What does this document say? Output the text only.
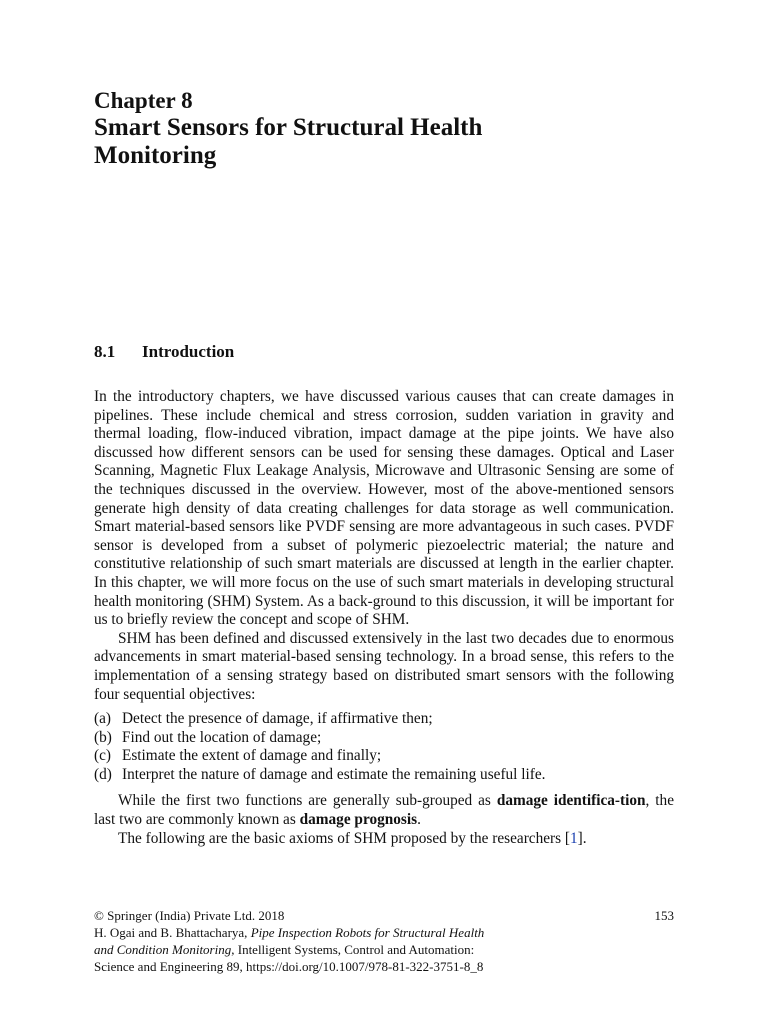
Chapter 8
Smart Sensors for Structural Health
Monitoring
8.1 Introduction

In the introductory chapters, we have discussed various causes that can create damages in pipelines. These include chemical and stress corrosion, sudden variation in gravity and thermal loading, flow-induced vibration, impact damage at the pipe joints. We have also discussed how different sensors can be used for sensing these damages. Optical and Laser Scanning, Magnetic Flux Leakage Analysis, Microwave and Ultrasonic Sensing are some of the techniques discussed in the overview. However, most of the above-mentioned sensors generate high density of data creating challenges for data storage as well communication. Smart material-based sensors like PVDF sensing are more advantageous in such cases. PVDF sensor is developed from a subset of polymeric piezoelectric material; the nature and constitutive relationship of such smart materials are discussed at length in the earlier chapter. In this chapter, we will more focus on the use of such smart materials in developing structural health monitoring (SHM) System. As a back-ground to this discussion, it will be important for us to briefly review the concept and scope of SHM.

SHM has been defined and discussed extensively in the last two decades due to enormous advancements in smart material-based sensing technology. In a broad sense, this refers to the implementation of a sensing strategy based on distributed smart sensors with the following four sequential objectives:

(a) Detect the presence of damage, if affirmative then;
(b) Find out the location of damage;
(c) Estimate the extent of damage and finally;
(d) Interpret the nature of damage and estimate the remaining useful life.

While the first two functions are generally sub-grouped as damage identifica-tion, the last two are commonly known as damage prognosis.

The following are the basic axioms of SHM proposed by the researchers [1].

© Springer (India) Private Ltd. 2018	153
H. Ogai and B. Bhattacharya, Pipe Inspection Robots for Structural Health
and Condition Monitoring, Intelligent Systems, Control and Automation:
Science and Engineering 89, https://doi.org/10.1007/978-81-322-3751-8_8
